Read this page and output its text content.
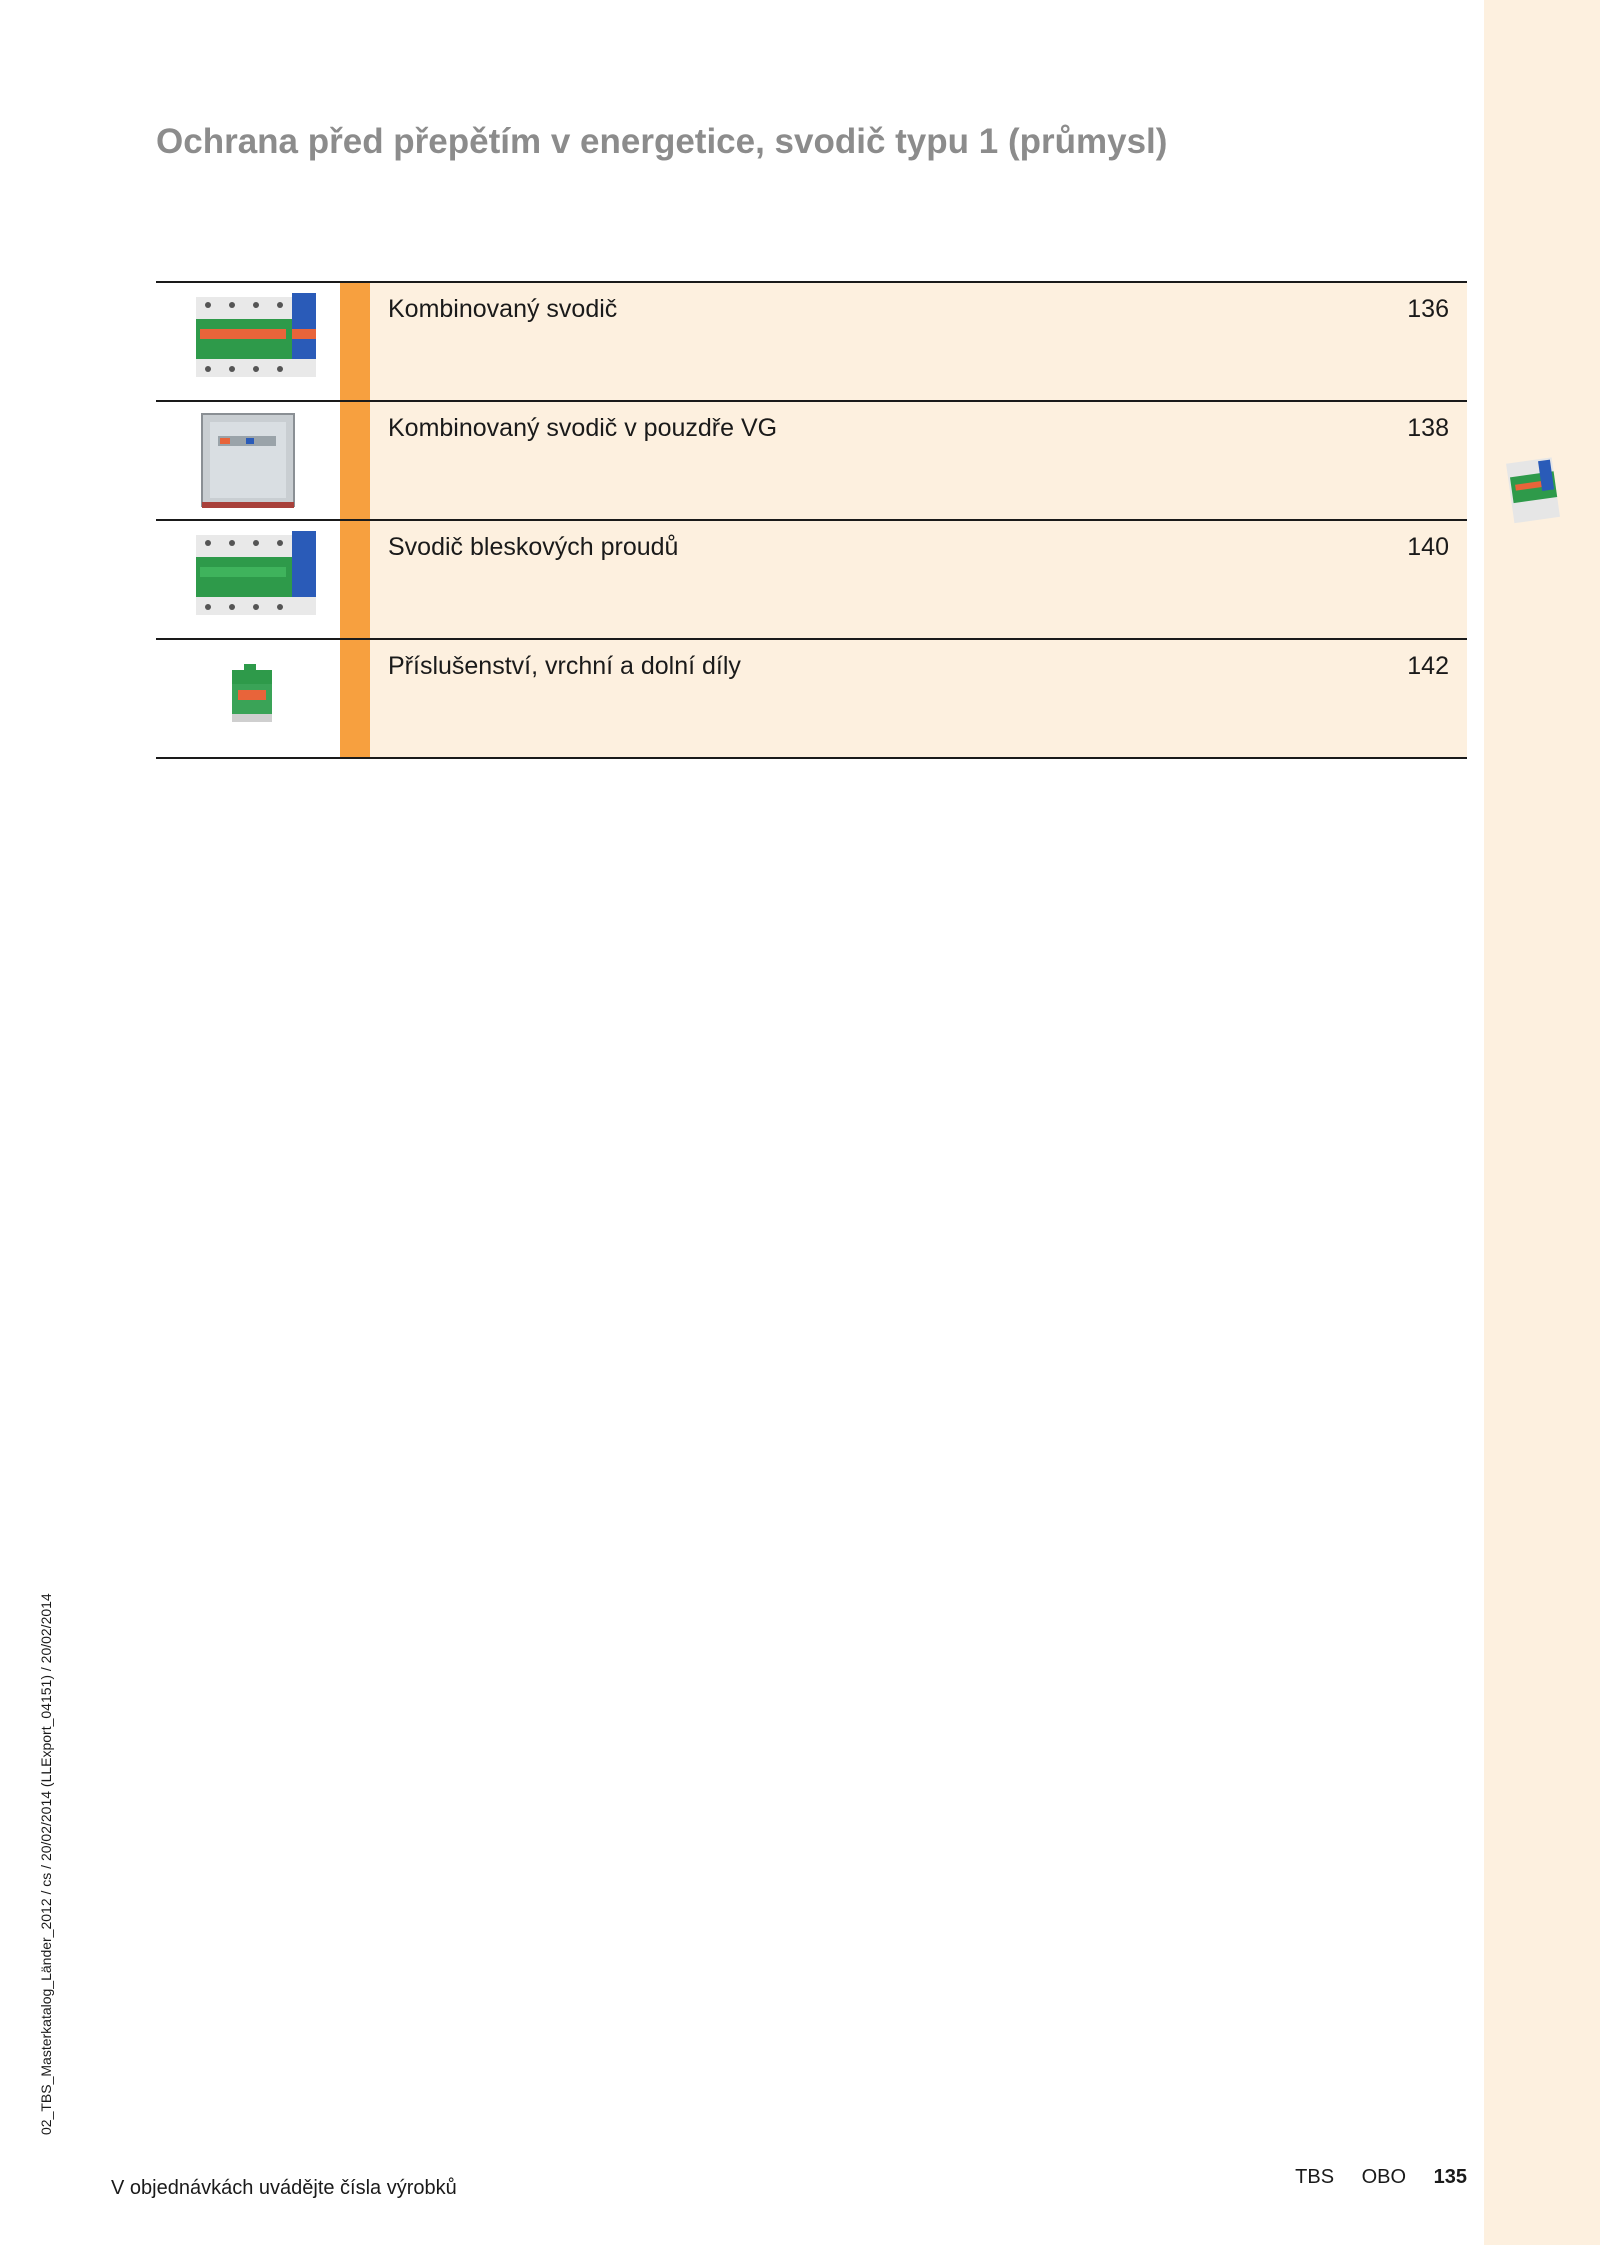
Ochrana před přepětím v energetice, svodič typu 1 (průmysl)
Kombinovaný svodič	136
Kombinovaný svodič v pouzdře VG	138
Svodič bleskových proudů	140
Příslušenství, vrchní a dolní díly	142
02_TBS_Masterkatalog_Länder_2012 / cs / 20/02/2014 (LLExport_04151) / 20/02/2014
V objednávkách uvádějte čísla výrobků	TBS OBO 135
